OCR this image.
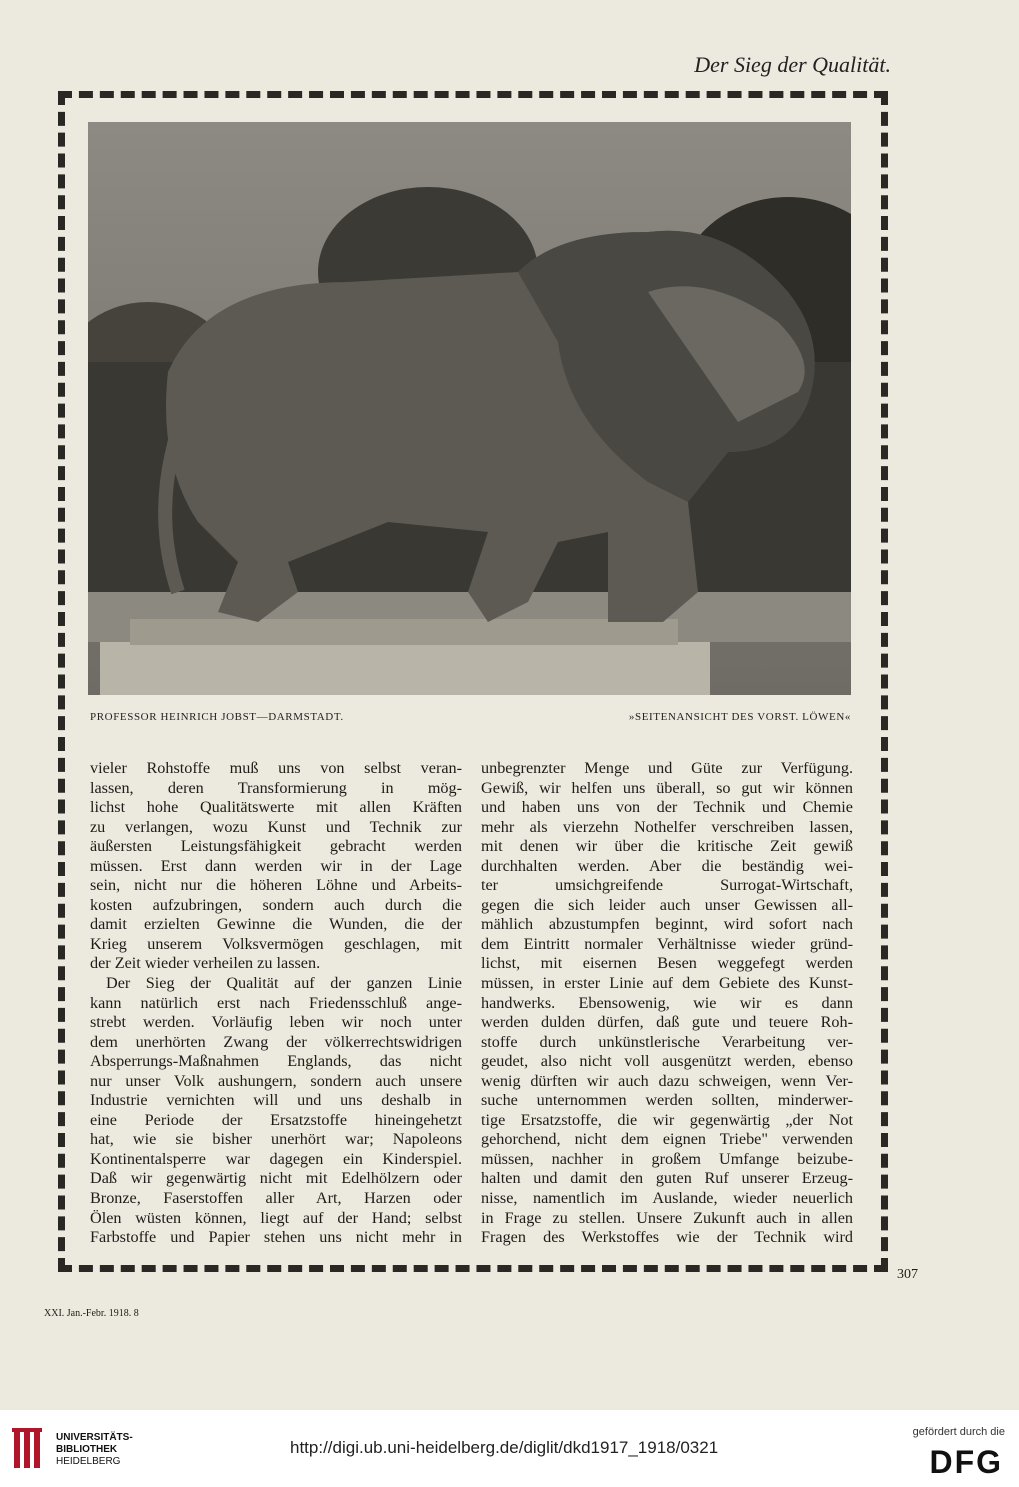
Der Sieg der Qualität.
PROFESSOR HEINRICH JOBST—DARMSTADT.	»SEITENANSICHT DES VORST. LÖWEN«
vieler Rohstoffe muß uns von selbst veran-
lassen, deren Transformierung in mög-
lichst hohe Qualitätswerte mit allen Kräften
zu verlangen, wozu Kunst und Technik zur
äußersten Leistungsfähigkeit gebracht werden
müssen. Erst dann werden wir in der Lage
sein, nicht nur die höheren Löhne und Arbeits-
kosten aufzubringen, sondern auch durch die
damit erzielten Gewinne die Wunden, die der
Krieg unserem Volksvermögen geschlagen, mit
der Zeit wieder verheilen zu lassen.
Der Sieg der Qualität auf der ganzen Linie
kann natürlich erst nach Friedensschluß ange-
strebt werden. Vorläufig leben wir noch unter
dem unerhörten Zwang der völkerrechtswidrigen
Absperrungs-Maßnahmen Englands, das nicht
nur unser Volk aushungern, sondern auch unsere
Industrie vernichten will und uns deshalb in
eine Periode der Ersatzstoffe hineingehetzt
hat, wie sie bisher unerhört war; Napoleons
Kontinentalsperre war dagegen ein Kinderspiel.
Daß wir gegenwärtig nicht mit Edelhölzern oder
Bronze, Faserstoffen aller Art, Harzen oder
Ölen wüsten können, liegt auf der Hand; selbst
Farbstoffe und Papier stehen uns nicht mehr in
unbegrenzter Menge und Güte zur Verfügung.
Gewiß, wir helfen uns überall, so gut wir können
und haben uns von der Technik und Chemie
mehr als vierzehn Nothelfer verschreiben lassen,
mit denen wir über die kritische Zeit gewiß
durchhalten werden. Aber die beständig wei-
ter umsichgreifende Surrogat-Wirtschaft,
gegen die sich leider auch unser Gewissen all-
mählich abzustumpfen beginnt, wird sofort nach
dem Eintritt normaler Verhältnisse wieder gründ-
lichst, mit eisernen Besen weggefegt werden
müssen, in erster Linie auf dem Gebiete des Kunst-
handwerks. Ebensowenig, wie wir es dann
werden dulden dürfen, daß gute und teuere Roh-
stoffe durch unkünstlerische Verarbeitung ver-
geudet, also nicht voll ausgenützt werden, ebenso
wenig dürften wir auch dazu schweigen, wenn Ver-
suche unternommen werden sollten, minderwer-
tige Ersatzstoffe, die wir gegenwärtig „der Not
gehorchend, nicht dem eignen Triebe" verwenden
müssen, nachher in großem Umfange beizube-
halten und damit den guten Ruf unserer Erzeug-
nisse, namentlich im Auslande, wieder neuerlich
in Frage zu stellen. Unsere Zukunft auch in allen
Fragen des Werkstoffes wie der Technik wird
307
XXI. Jan.-Febr. 1918. 8
UNIVERSITÄTS-
BIBLIOTHEK
HEIDELBERG
http://digi.ub.uni-heidelberg.de/diglit/dkd1917_1918/0321
gefördert durch die
DFG
